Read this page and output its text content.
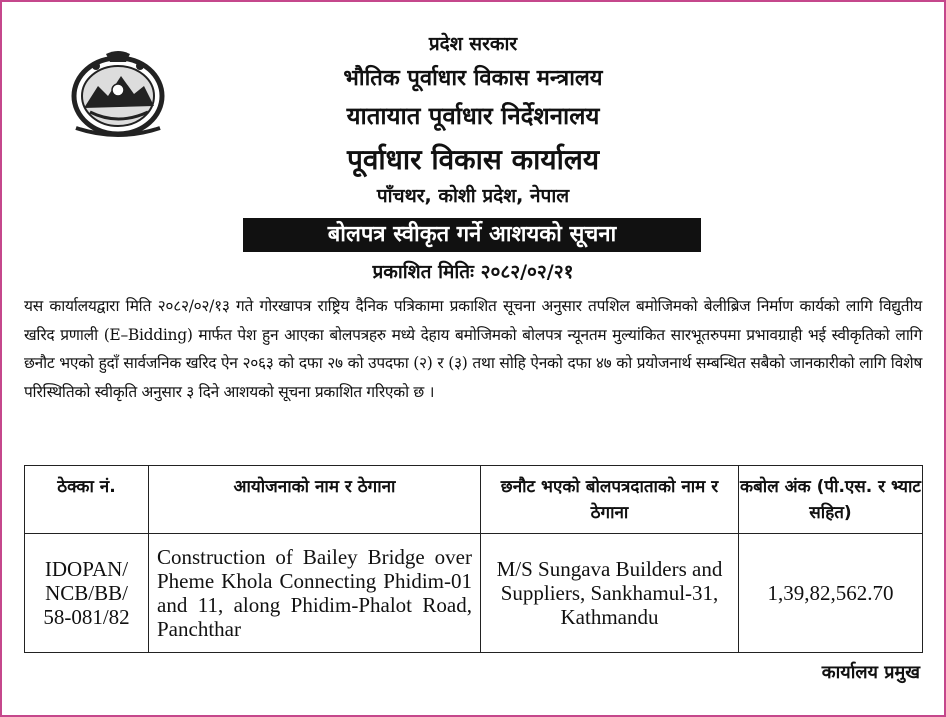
प्रदेश सरकार
भौतिक पूर्वाधार विकास मन्त्रालय
यातायात पूर्वाधार निर्देशनालय
पूर्वाधार विकास कार्यालय
पाँचथर, कोशी प्रदेश, नेपाल
बोलपत्र स्वीकृत गर्ने आशयको सूचना
प्रकाशित मितिः २०८२/०२/२१
यस कार्यालयद्वारा मिति २०८२/०२/१३ गते गोरखापत्र राष्ट्रिय दैनिक पत्रिकामा प्रकाशित सूचना अनुसार तपशिल बमोजिमको बेलीब्रिज निर्माण कार्यको लागि विद्युतीय खरिद प्रणाली (E–Bidding) मार्फत पेश हुन आएका बोलपत्रहरु मध्ये देहाय बमोजिमको बोलपत्र न्यूनतम मुल्यांकित सारभूतरुपमा प्रभावग्राही भई स्वीकृतिको लागि छनौट भएको हुदाँ सार्वजनिक खरिद ऐन २०६३ को दफा २७ को उपदफा (२) र (३) तथा सोहि ऐनको दफा ४७ को प्रयोजनार्थ सम्बन्धित सबैको जानकारीको लागि विशेष परिस्थितिको स्वीकृति अनुसार ३ दिने आशयको सूचना प्रकाशित गरिएको छ ।
ठेक्का नं.	आयोजनाको नाम र ठेगाना	छनौट भएको बोलपत्रदाताको नाम र ठेगाना	कबोल अंक (पी.एस. र भ्याट सहित)
IDOPAN/ NCB/BB/ 58-081/82	Construction of Bailey Bridge over Pheme Khola Connecting Phidim-01 and 11, along Phidim-Phalot Road, Panchthar	M/S Sungava Builders and Suppliers, Sankhamul-31, Kathmandu	1,39,82,562.70
कार्यालय प्रमुख
